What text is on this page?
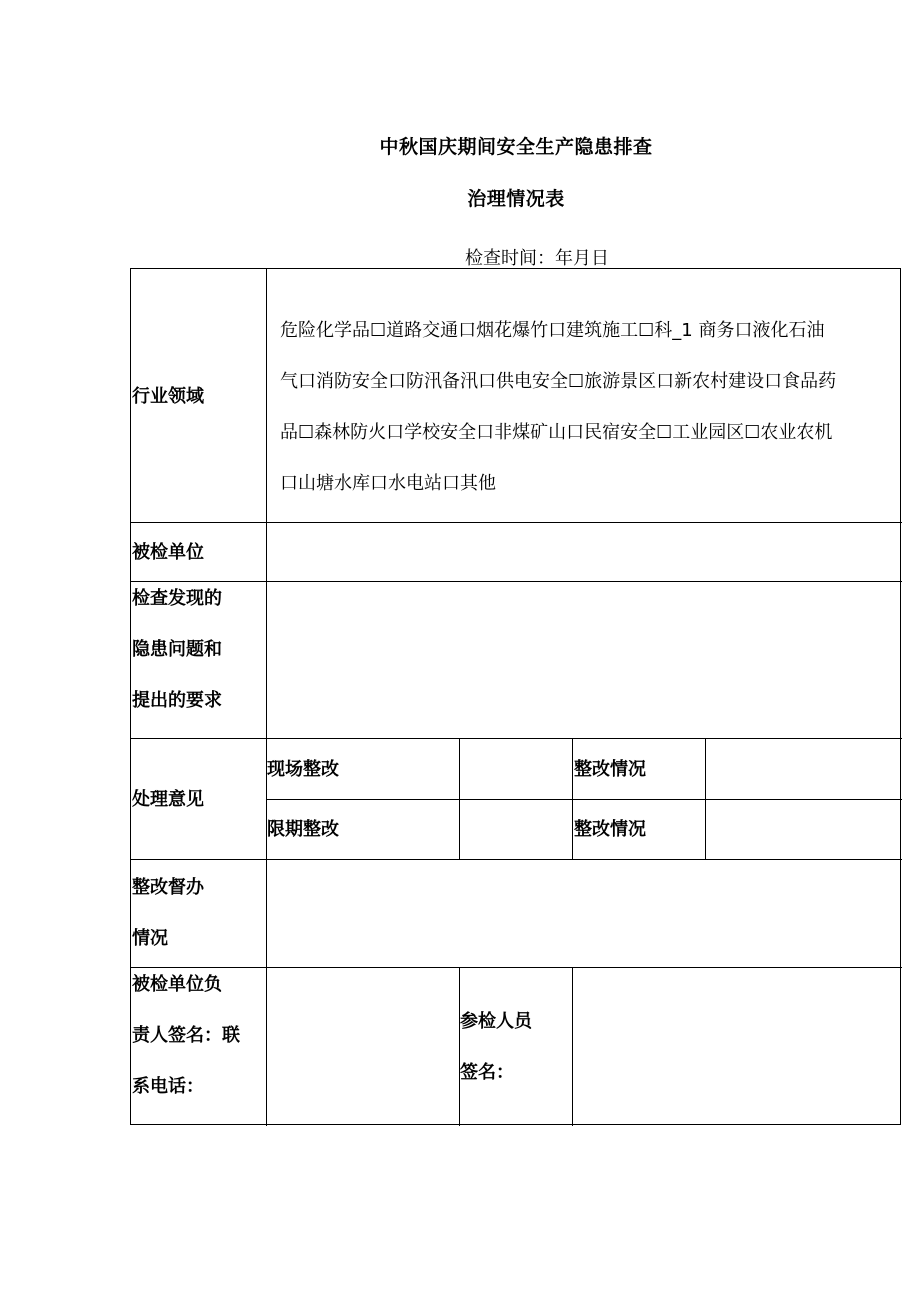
中秋国庆期间安全生产隐患排查
治理情况表
检查时间：年月日
行业领域
危险化学品☐道路交通口烟花爆竹口建筑施工☐科_1 商务口液化石油
气口消防安全口防汛备汛口供电安全☐旅游景区口新农村建设口食品药
品☐森林防火口学校安全口非煤矿山口民宿安全☐工业园区☐农业农机
口山塘水库口水电站口其他
被检单位
检查发现的
隐患问题和
提出的要求
处理意见
现场整改
限期整改
整改情况
整改情况
整改督办
情况
被检单位负
责人签名：联
系电话：
参检人员
签名：
